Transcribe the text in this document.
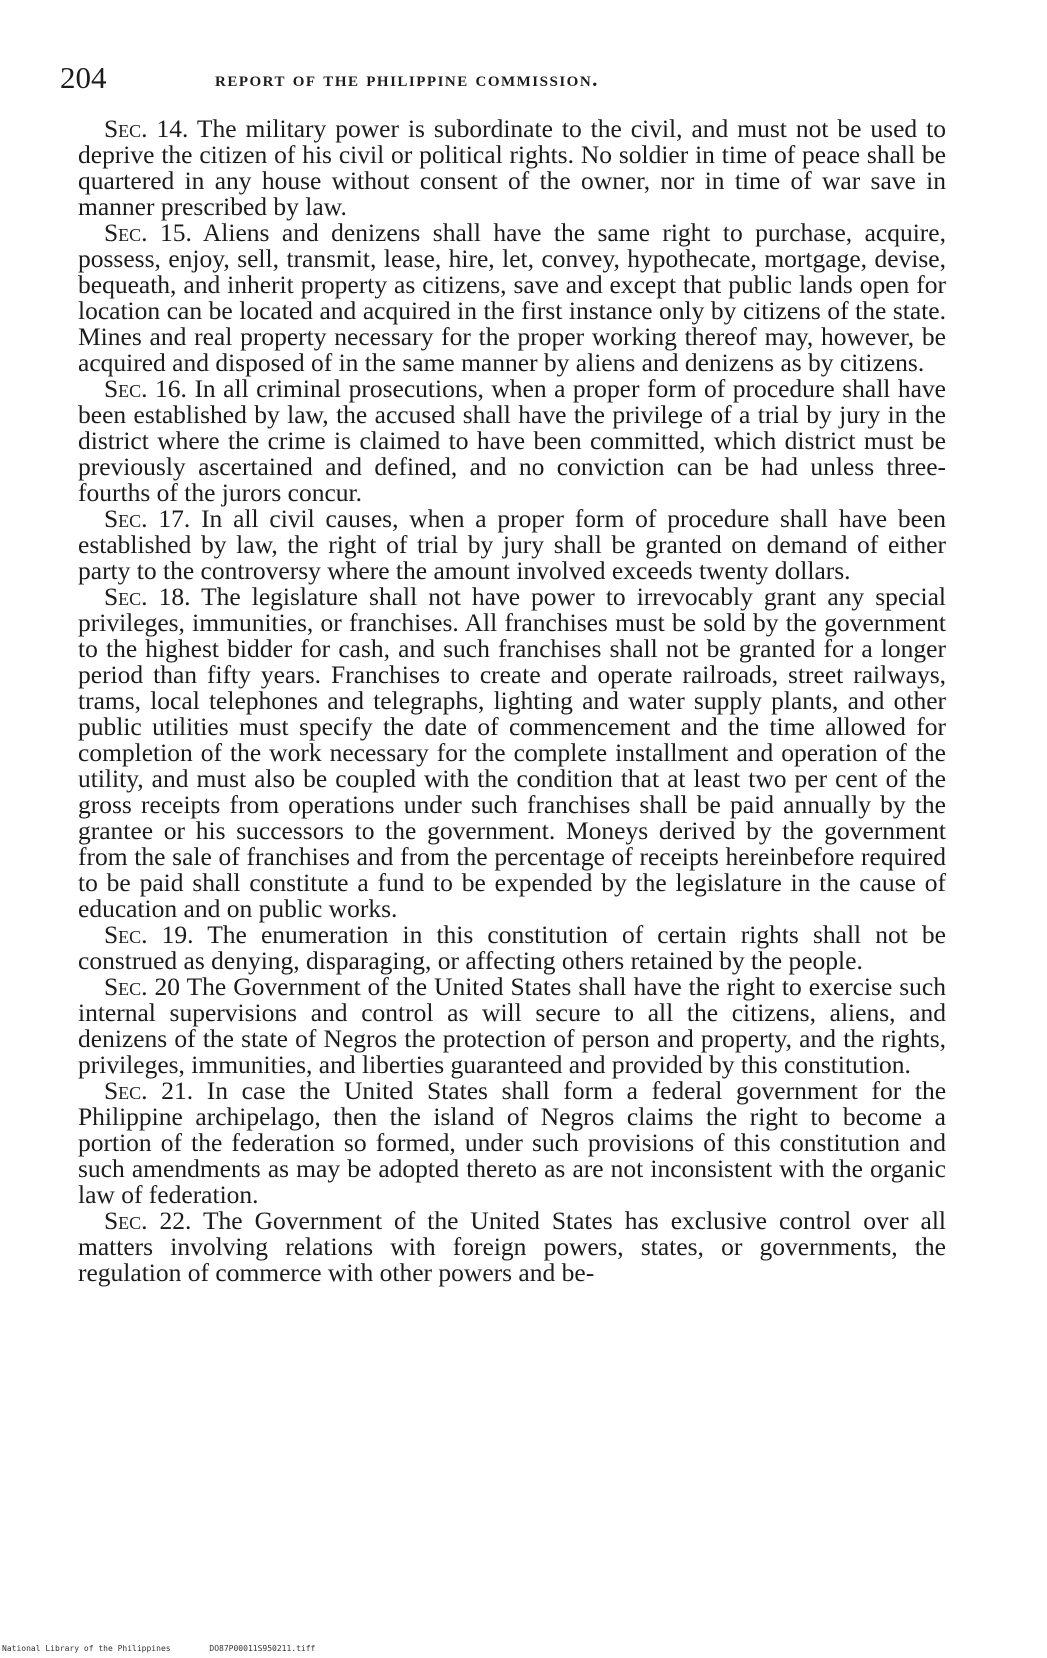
204	report of the philippine commission.

Sec. 14. The military power is subordinate to the civil, and must not be used to deprive the citizen of his civil or political rights. No soldier in time of peace shall be quartered in any house without consent of the owner, nor in time of war save in manner prescribed by law.

Sec. 15. Aliens and denizens shall have the same right to purchase, acquire, possess, enjoy, sell, transmit, lease, hire, let, convey, hypothecate, mortgage, devise, bequeath, and inherit property as citizens, save and except that public lands open for location can be located and acquired in the first instance only by citizens of the state. Mines and real property necessary for the proper working thereof may, however, be acquired and disposed of in the same manner by aliens and denizens as by citizens.

Sec. 16. In all criminal prosecutions, when a proper form of procedure shall have been established by law, the accused shall have the privilege of a trial by jury in the district where the crime is claimed to have been committed, which district must be previously ascertained and defined, and no conviction can be had unless three-fourths of the jurors concur.

Sec. 17. In all civil causes, when a proper form of procedure shall have been established by law, the right of trial by jury shall be granted on demand of either party to the controversy where the amount involved exceeds twenty dollars.

Sec. 18. The legislature shall not have power to irrevocably grant any special privileges, immunities, or franchises. All franchises must be sold by the government to the highest bidder for cash, and such franchises shall not be granted for a longer period than fifty years. Franchises to create and operate railroads, street railways, trams, local telephones and telegraphs, lighting and water supply plants, and other public utilities must specify the date of commencement and the time allowed for completion of the work necessary for the complete installment and operation of the utility, and must also be coupled with the condition that at least two per cent of the gross receipts from operations under such franchises shall be paid annually by the grantee or his successors to the government. Moneys derived by the government from the sale of franchises and from the percentage of receipts hereinbefore required to be paid shall constitute a fund to be expended by the legislature in the cause of education and on public works.

Sec. 19. The enumeration in this constitution of certain rights shall not be construed as denying, disparaging, or affecting others retained by the people.

Sec. 20 The Government of the United States shall have the right to exercise such internal supervisions and control as will secure to all the citizens, aliens, and denizens of the state of Negros the protection of person and property, and the rights, privileges, immunities, and liberties guaranteed and provided by this constitution.

Sec. 21. In case the United States shall form a federal government for the Philippine archipelago, then the island of Negros claims the right to become a portion of the federation so formed, under such provisions of this constitution and such amendments as may be adopted thereto as are not inconsistent with the organic law of federation.

Sec. 22. The Government of the United States has exclusive control over all matters involving relations with foreign powers, states, or governments, the regulation of commerce with other powers and be-

National Library of the Philippines	DO87P00011S950211.tiff
